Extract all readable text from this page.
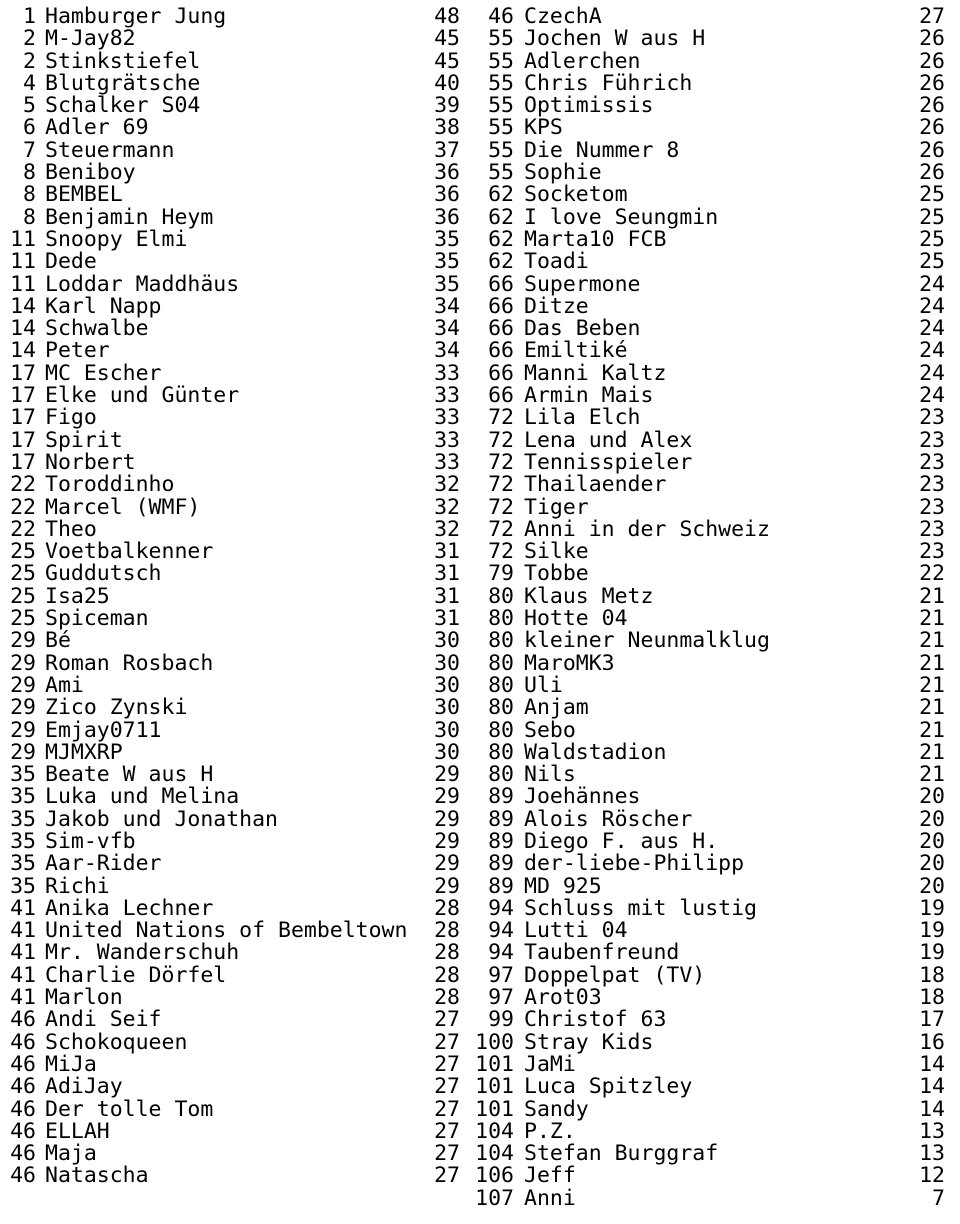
1 Hamburger Jung	48
2 M-Jay82	45
2 Stinkstiefel	45
4 Blutgrätsche	40
5 Schalker S04	39
6 Adler 69	38
7 Steuermann	37
8 Beniboy	36
8 BEMBEL	36
8 Benjamin Heym	36
11 Snoopy Elmi	35
11 Dede	35
11 Loddar Maddhäus	35
14 Karl Napp	34
14 Schwalbe	34
14 Peter	34
17 MC Escher	33
17 Elke und Günter	33
17 Figo	33
17 Spirit	33
17 Norbert	33
22 Toroddinho	32
22 Marcel (WMF)	32
22 Theo	32
25 Voetbalkenner	31
25 Guddutsch	31
25 Isa25	31
25 Spiceman	31
29 Bé	30
29 Roman Rosbach	30
29 Ami	30
29 Zico Zynski	30
29 Emjay0711	30
29 MJMXRP	30
35 Beate W aus H	29
35 Luka und Melina	29
35 Jakob und Jonathan	29
35 Sim-vfb	29
35 Aar-Rider	29
35 Richi	29
41 Anika Lechner	28
41 United Nations of Bembeltown	28
41 Mr. Wanderschuh	28
41 Charlie Dörfel	28
41 Marlon	28
46 Andi Seif	27
46 Schokoqueen	27
46 MiJa	27
46 AdiJay	27
46 Der tolle Tom	27
46 ELLAH	27
46 Maja	27
46 Natascha	27
46 CzechA	27
55 Jochen W aus H	26
55 Adlerchen	26
55 Chris Führich	26
55 Optimissis	26
55 KPS	26
55 Die Nummer 8	26
55 Sophie	26
62 Socketom	25
62 I love Seungmin	25
62 Marta10 FCB	25
62 Toadi	25
66 Supermone	24
66 Ditze	24
66 Das Beben	24
66 Emiltiké	24
66 Manni Kaltz	24
66 Armin Mais	24
72 Lila Elch	23
72 Lena und Alex	23
72 Tennisspieler	23
72 Thailaender	23
72 Tiger	23
72 Anni in der Schweiz	23
72 Silke	23
79 Tobbe	22
80 Klaus Metz	21
80 Hotte 04	21
80 kleiner Neunmalklug	21
80 MaroMK3	21
80 Uli	21
80 Anjam	21
80 Sebo	21
80 Waldstadion	21
80 Nils	21
89 Joehännes	20
89 Alois Röscher	20
89 Diego F. aus H.	20
89 der-liebe-Philipp	20
89 MD 925	20
94 Schluss mit lustig	19
94 Lutti 04	19
94 Taubenfreund	19
97 Doppelpat (TV)	18
97 Arot03	18
99 Christof 63	17
100 Stray Kids	16
101 JaMi	14
101 Luca Spitzley	14
101 Sandy	14
104 P.Z.	13
104 Stefan Burggraf	13
106 Jeff	12
107 Anni	7
